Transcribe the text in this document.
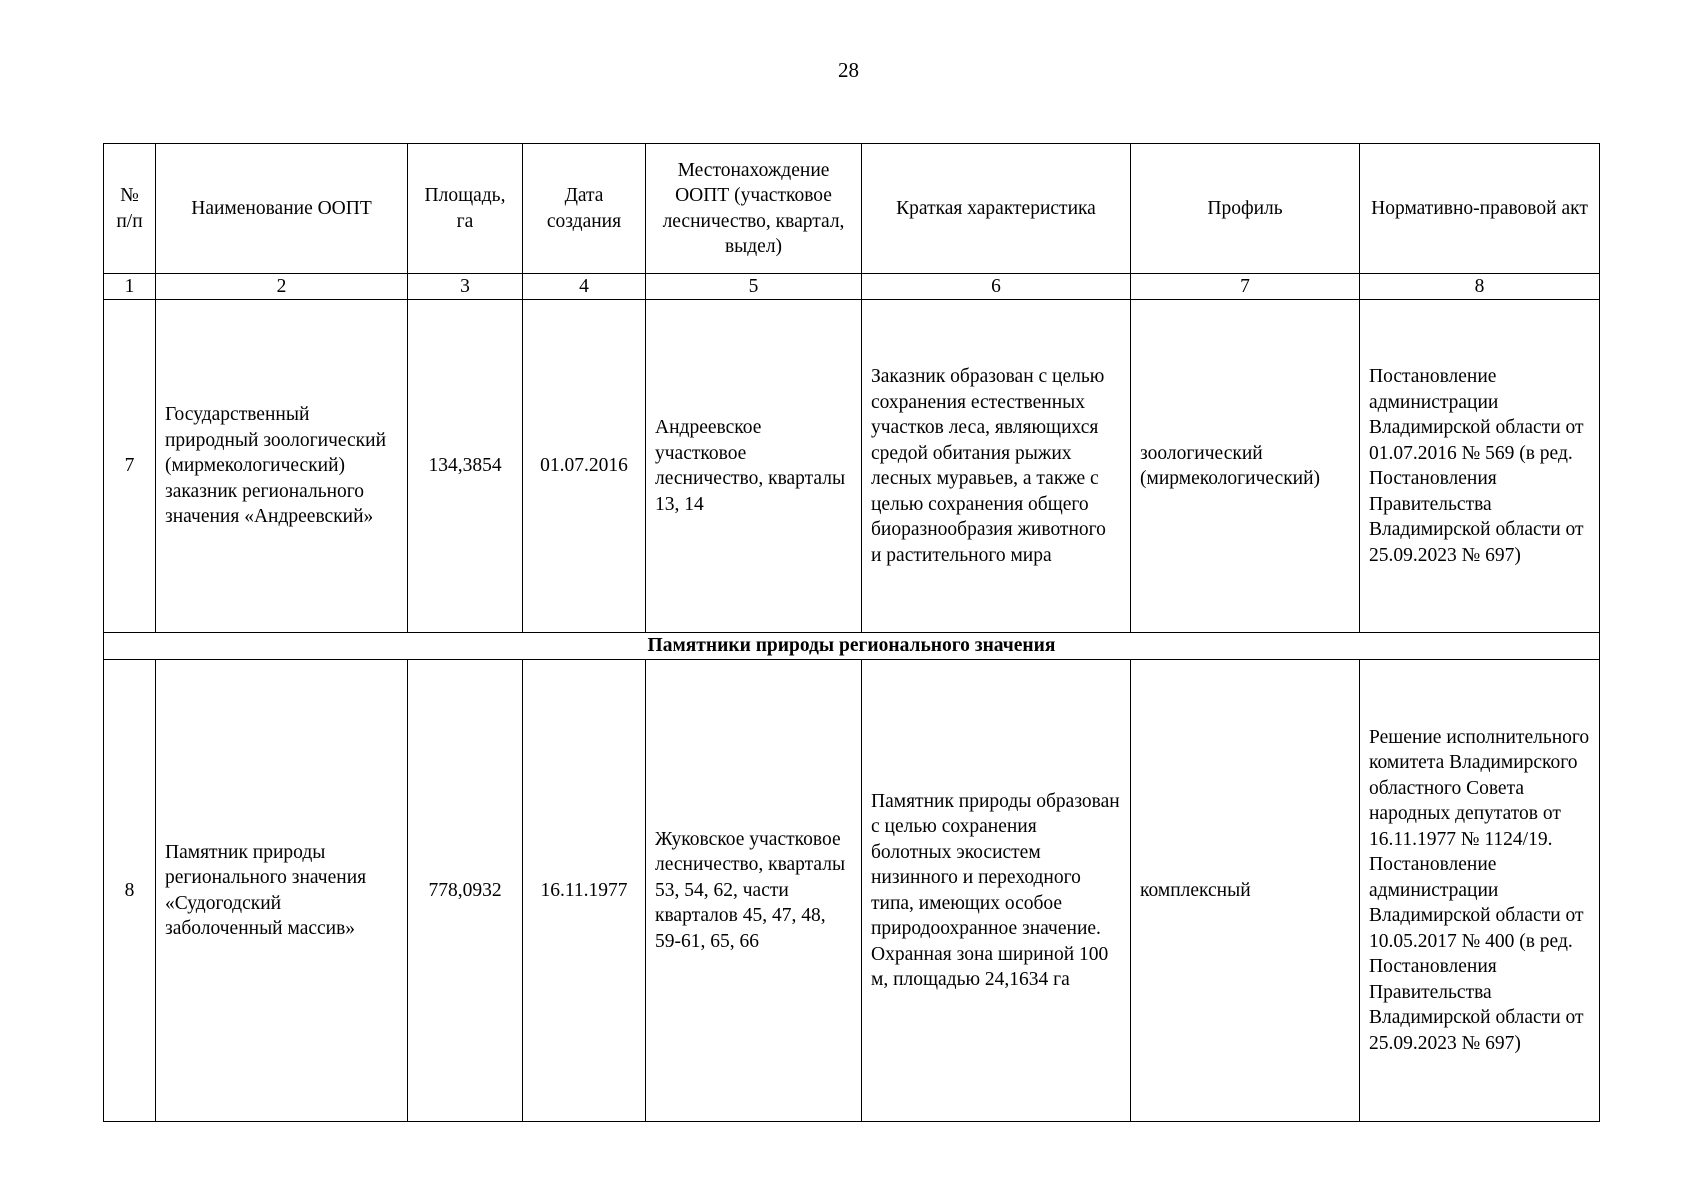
28
№ п/п	Наименование ООПТ	Площадь, га	Дата создания	Местонахождение ООПТ (участковое лесничество, квартал, выдел)	Краткая характеристика	Профиль	Нормативно-правовой акт
1	2	3	4	5	6	7	8
7	Государственный природный зоологический (мирмекологический) заказник регионального значения «Андреевский»	134,3854	01.07.2016	Андреевское участковое лесничество, кварталы 13, 14	Заказник образован с целью сохранения естественных участков леса, являющихся средой обитания рыжих лесных муравьев, а также с целью сохранения общего биоразнообразия животного и растительного мира	зоологический (мирмекологический)	Постановление администрации Владимирской области от 01.07.2016 № 569 (в ред. Постановления Правительства Владимирской области от 25.09.2023 № 697)
Памятники природы регионального значения							
8	Памятник природы регионального значения «Судогодский заболоченный массив»	778,0932	16.11.1977	Жуковское участковое лесничество, кварталы 53, 54, 62, части кварталов 45, 47, 48, 59-61, 65, 66	Памятник природы образован с целью сохранения болотных экосистем низинного и переходного типа, имеющих особое природоохранное значение. Охранная зона шириной 100 м, площадью 24,1634 га	комплексный	Решение исполнительного комитета Владимирского областного Совета народных депутатов от 16.11.1977 № 1124/19. Постановление администрации Владимирской области от 10.05.2017 № 400 (в ред. Постановления Правительства Владимирской области от 25.09.2023 № 697)
